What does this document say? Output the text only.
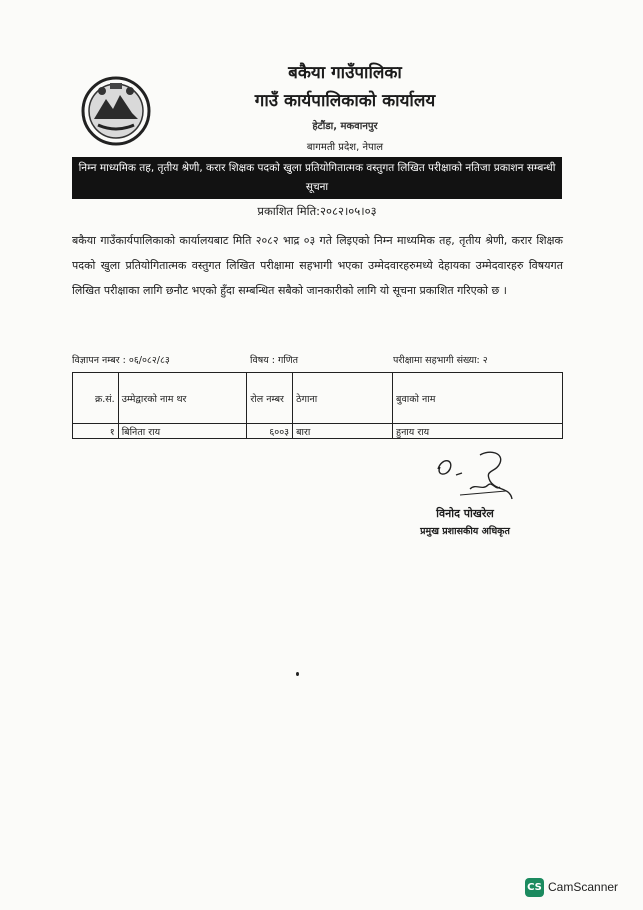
बकैया गाउँपालिका
गाउँ कार्यपालिकाको कार्यालय
हेटौंडा, मकवानपुर
बागमती प्रदेश, नेपाल
निम्न माध्यमिक तह, तृतीय श्रेणी, करार शिक्षक पदको खुला प्रतियोगितात्मक वस्तुगत लिखित परीक्षाको नतिजा प्रकाशन सम्बन्धी सूचना
प्रकाशित मिति:२०८२।०५।०३
बकैया गाउँकार्यपालिकाको कार्यालयबाट मिति २०८२ भाद्र ०३ गते लिइएको निम्न माध्यमिक तह, तृतीय श्रेणी, करार शिक्षक पदको खुला प्रतियोगितात्मक वस्तुगत लिखित परीक्षामा सहभागी भएका उम्मेदवारहरुमध्ये देहायका उम्मेदवारहरु विषयगत लिखित परीक्षाका लागि छनौट भएको हुँदा सम्बन्धित सबैको जानकारीको लागि यो सूचना प्रकाशित गरिएको छ ।
विज्ञापन नम्बर : ०६/०८२/८३	विषय : गणित	परीक्षामा सहभागी संख्या: २
क्र.सं.	उम्मेद्वारको नाम थर	रोल नम्बर	ठेगाना	बुवाको नाम
१	बिनिता राय	६००३	बारा	हुनाय राय
विनोद पोखरेल
प्रमुख प्रशासकीय अधिकृत
CS CamScanner
